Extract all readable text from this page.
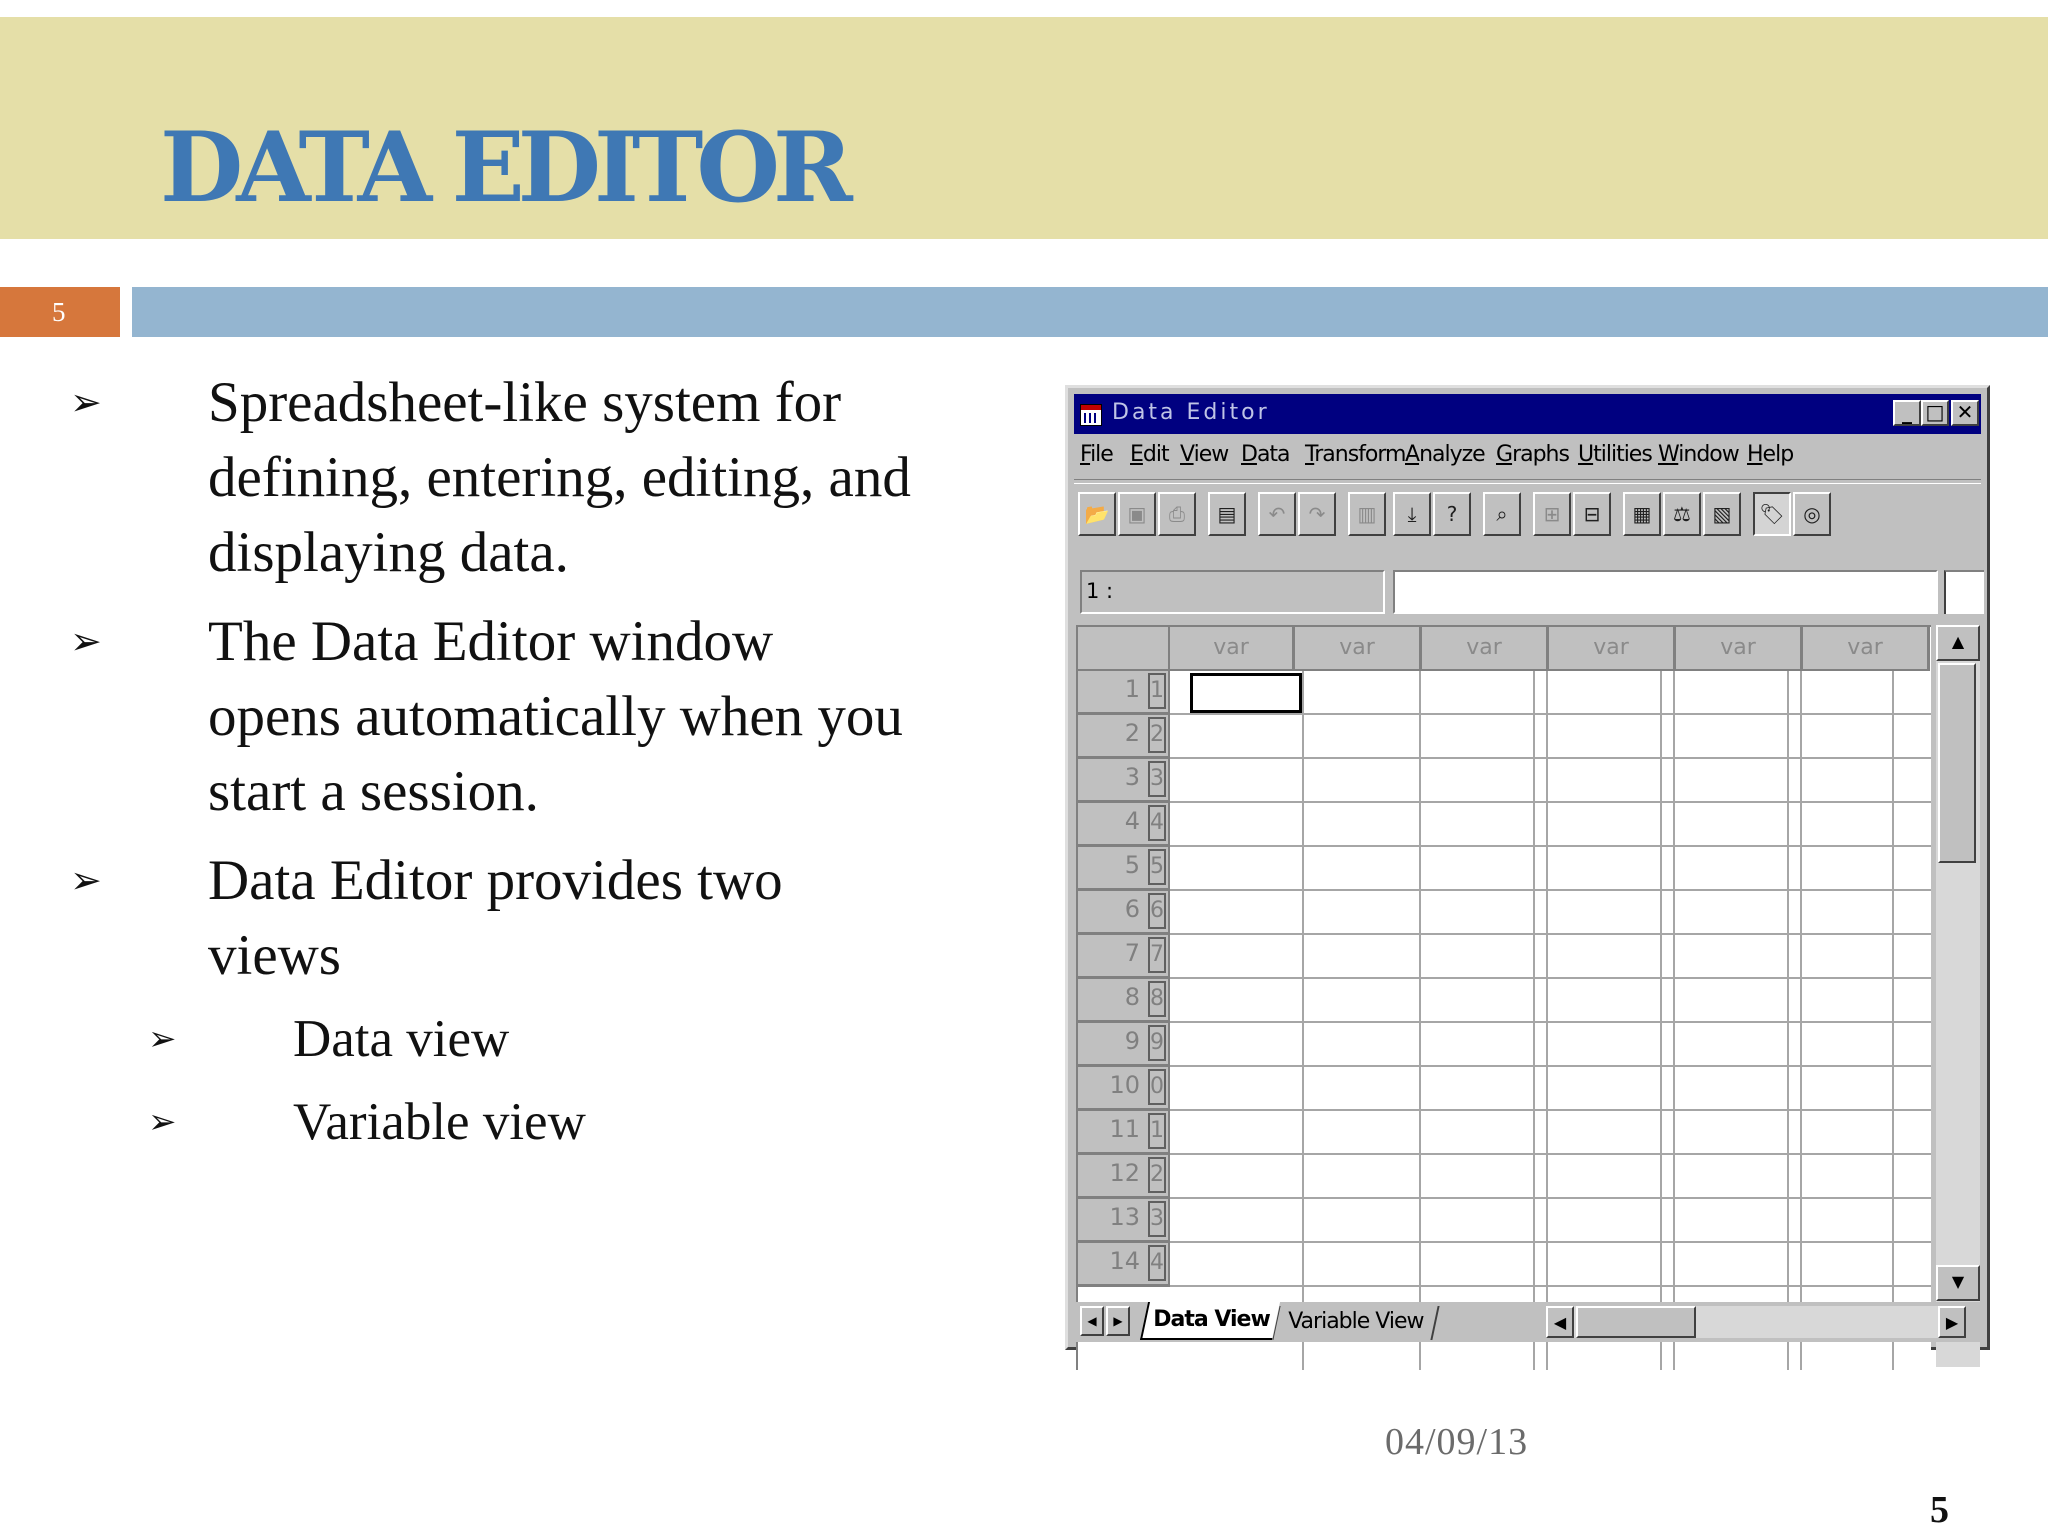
DATA EDITOR
5
➢ Spreadsheet-like system for
defining, entering, editing, and
displaying data.
➢ The Data Editor window
opens automatically when you
start a session.
➢ Data Editor provides two
views
➢ Data view
➢ Variable view
04/09/13
5
Data Editor	_ □ ✕
File Edit View Data Transform Analyze Graphs Utilities Window Help
📂 ▣	⎙	▤	↶	↷	▥	⤓	?	⌕	⊞	⊟	▦	⚖	▧	🏷 ◎
1 :
var	var	var	var	var	var
1 1
2 2
3 3
4 4
5 5
6 6
7 7
8 8
9 9
10 0
11 1
12 2
13 3
14 4
▲
▼
◀	▶	Data View Variable View	◀	▶
